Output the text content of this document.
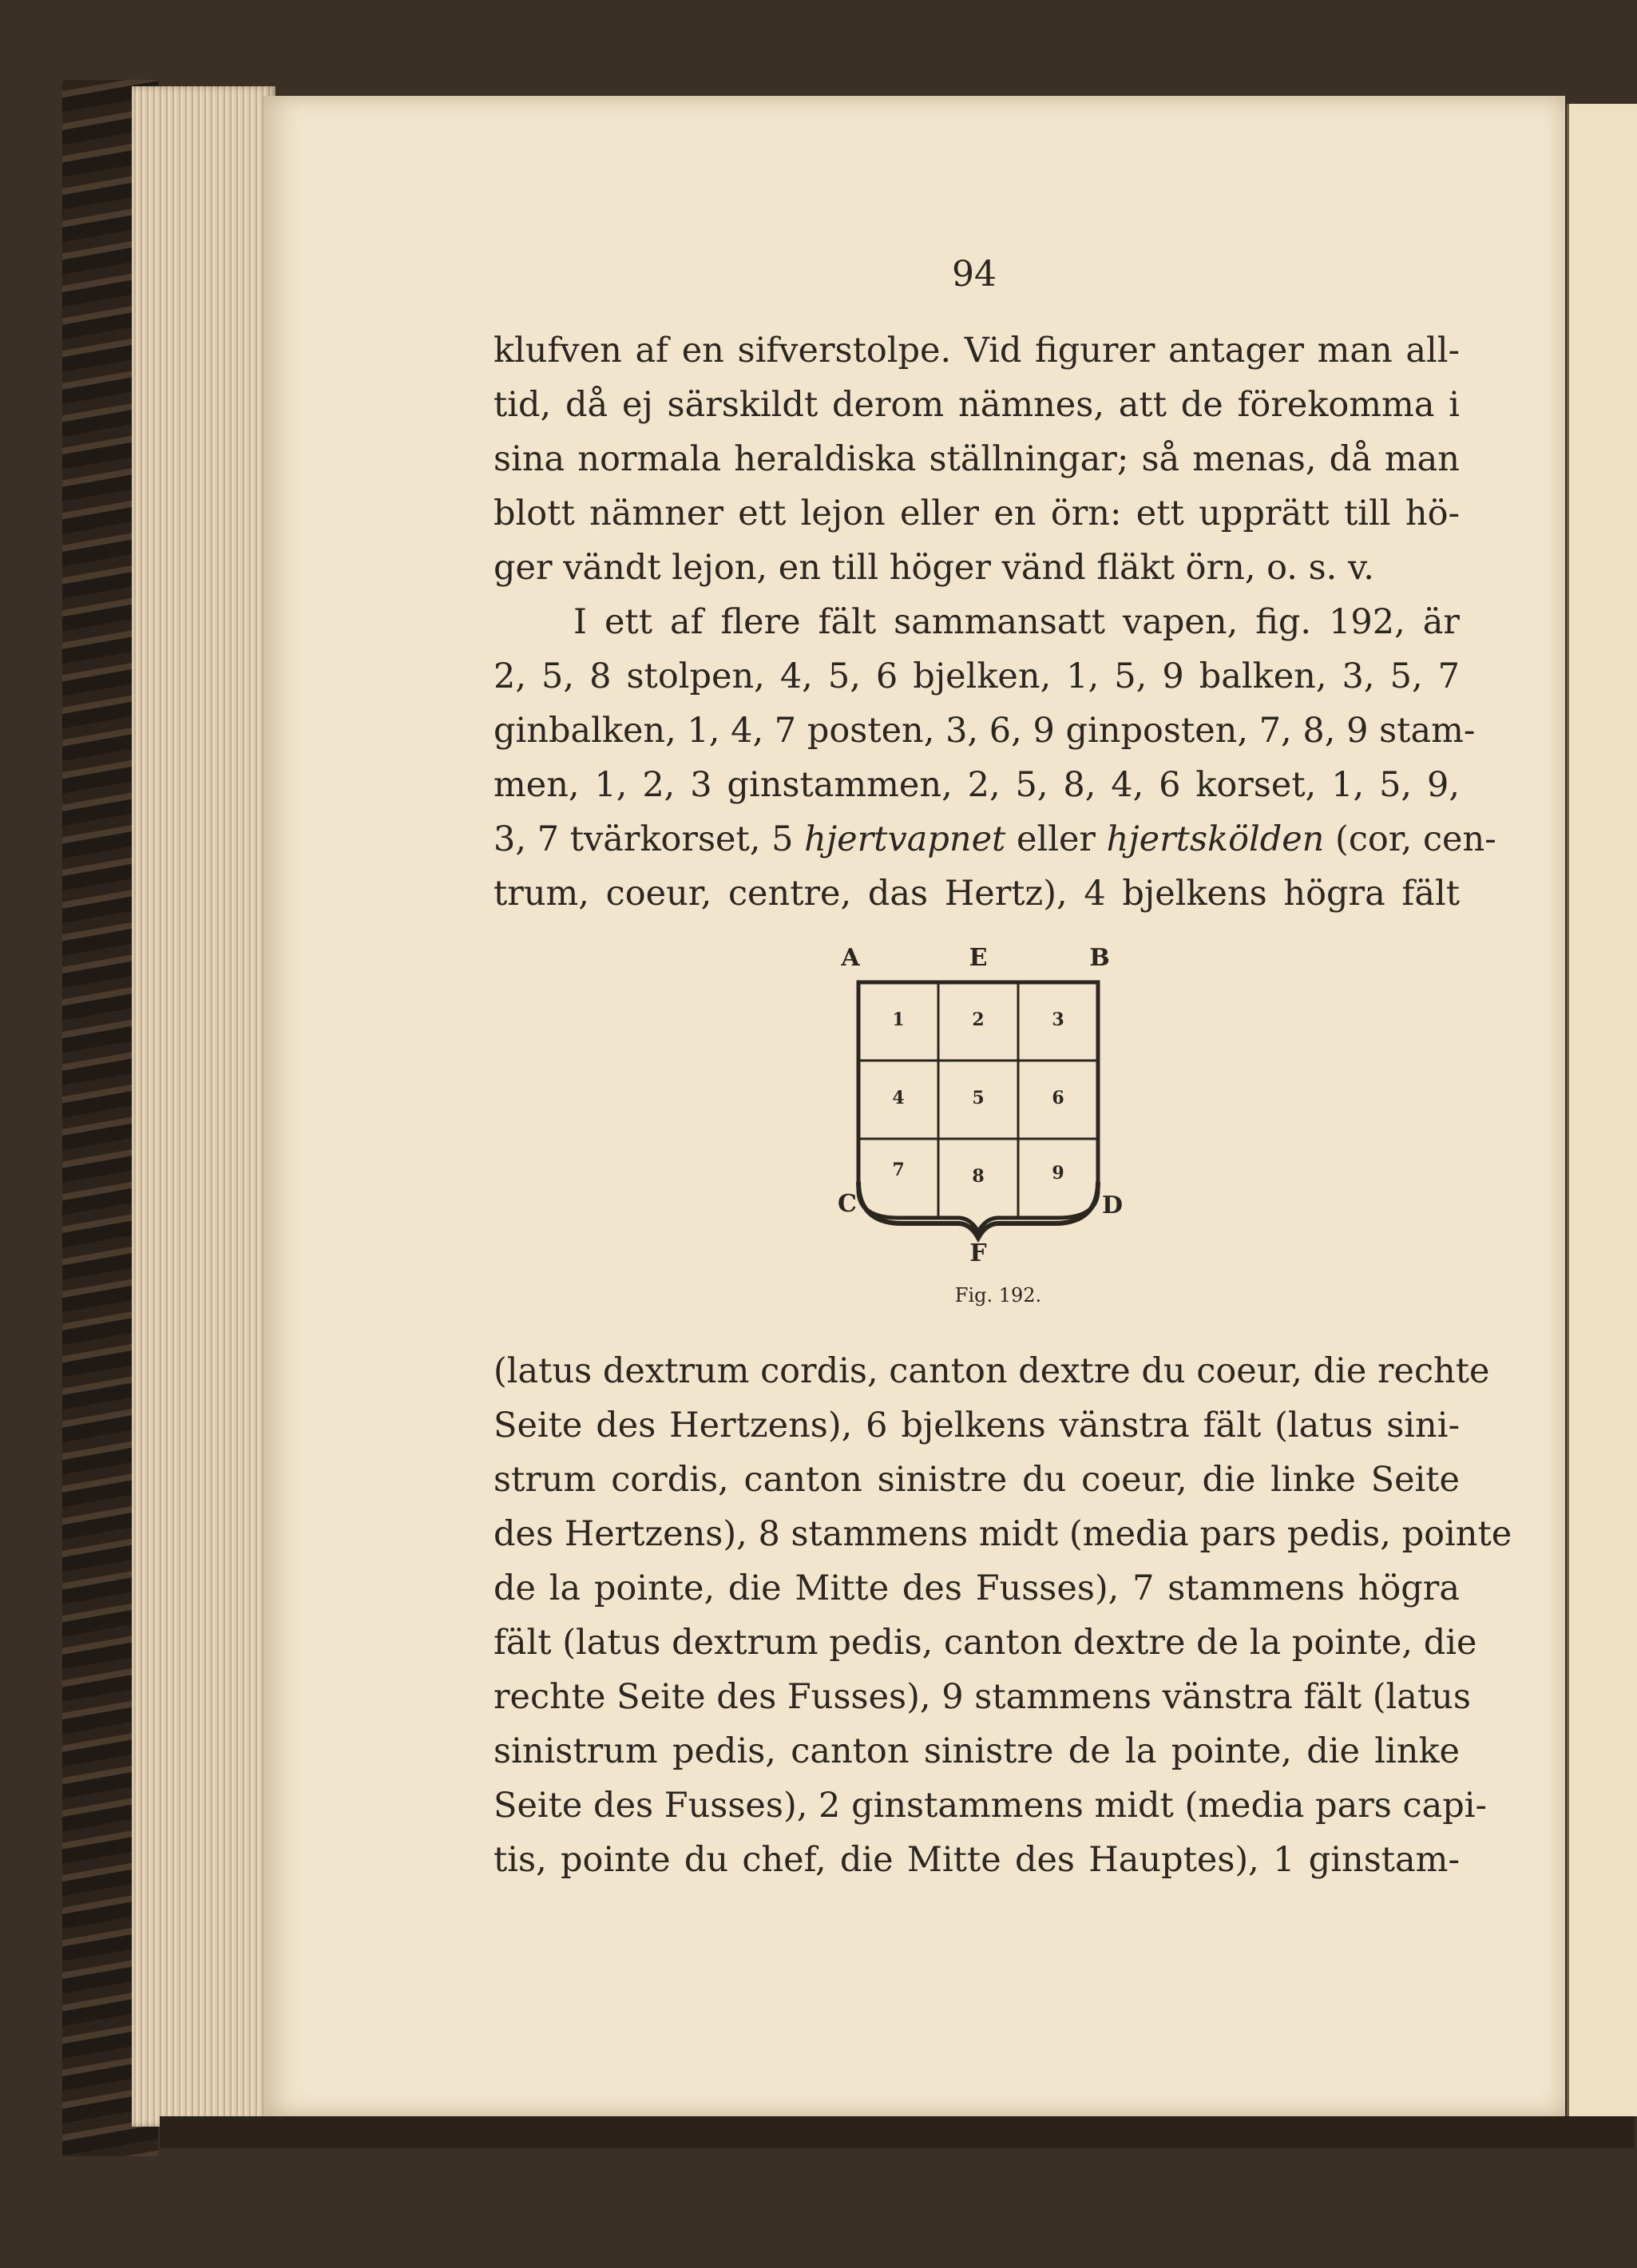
94
klufven af en sifverstolpe. Vid figurer antager man all-
tid, då ej särskildt derom nämnes, att de förekomma i
sina normala heraldiska ställningar; så menas, då man
blott nämner ett lejon eller en örn: ett upprätt till hö-
ger vändt lejon, en till höger vänd fläkt örn, o. s. v.
I ett af flere fält sammansatt vapen, fig. 192, är
2, 5, 8 stolpen, 4, 5, 6 bjelken, 1, 5, 9 balken, 3, 5, 7
ginbalken, 1, 4, 7 posten, 3, 6, 9 ginposten, 7, 8, 9 stam-
men, 1, 2, 3 ginstammen, 2, 5, 8, 4, 6 korset, 1, 5, 9,
3, 7 tvärkorset, 5 hjertvapnet eller hjertskölden (cor, cen-
trum, coeur, centre, das Hertz), 4 bjelkens högra fält
A	E	B
C	D
F
1	2	3
4	5	6
7	8	9
Fig. 192.
(latus dextrum cordis, canton dextre du coeur, die rechte
Seite des Hertzens), 6 bjelkens vänstra fält (latus sini-
strum cordis, canton sinistre du coeur, die linke Seite
des Hertzens), 8 stammens midt (media pars pedis, pointe
de la pointe, die Mitte des Fusses), 7 stammens högra
fält (latus dextrum pedis, canton dextre de la pointe, die
rechte Seite des Fusses), 9 stammens vänstra fält (latus
sinistrum pedis, canton sinistre de la pointe, die linke
Seite des Fusses), 2 ginstammens midt (media pars capi-
tis, pointe du chef, die Mitte des Hauptes), 1 ginstam-
